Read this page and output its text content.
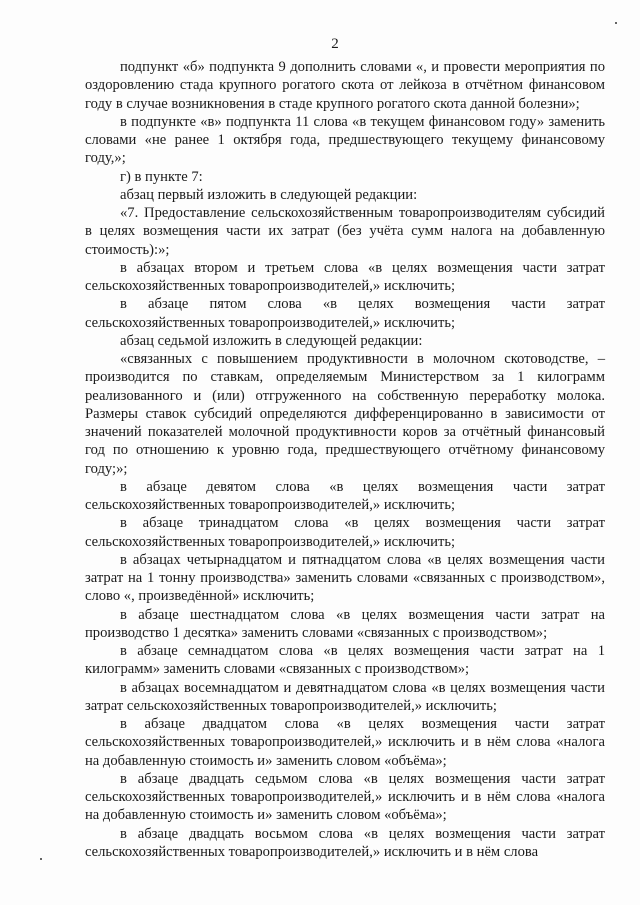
2

подпункт «б» подпункта 9 дополнить словами «, и провести мероприятия по оздоровлению стада крупного рогатого скота от лейкоза в отчётном финансовом году в случае возникновения в стаде крупного рогатого скота данной болезни»;

в подпункте «в» подпункта 11 слова «в текущем финансовом году» заменить словами «не ранее 1 октября года, предшествующего текущему финансовому году,»;

г) в пункте 7:

абзац первый изложить в следующей редакции:

«7. Предоставление сельскохозяйственным товаропроизводителям субсидий в целях возмещения части их затрат (без учёта сумм налога на добавленную стоимость):»;

в абзацах втором и третьем слова «в целях возмещения части затрат сельскохозяйственных товаропроизводителей,» исключить;

в абзаце пятом слова «в целях возмещения части затрат сельскохозяйственных товаропроизводителей,» исключить;

абзац седьмой изложить в следующей редакции:

«связанных с повышением продуктивности в молочном скотоводстве, – производится по ставкам, определяемым Министерством за 1 килограмм реализованного и (или) отгруженного на собственную переработку молока. Размеры ставок субсидий определяются дифференцированно в зависимости от значений показателей молочной продуктивности коров за отчётный финансовый год по отношению к уровню года, предшествующего отчётному финансовому году;»;

в абзаце девятом слова «в целях возмещения части затрат сельскохозяйственных товаропроизводителей,» исключить;

в абзаце тринадцатом слова «в целях возмещения части затрат сельскохозяйственных товаропроизводителей,» исключить;

в абзацах четырнадцатом и пятнадцатом слова «в целях возмещения части затрат на 1 тонну производства» заменить словами «связанных с производством», слово «, произведённой» исключить;

в абзаце шестнадцатом слова «в целях возмещения части затрат на производство 1 десятка» заменить словами «связанных с производством»;

в абзаце семнадцатом слова «в целях возмещения части затрат на 1 килограмм» заменить словами «связанных с производством»;

в абзацах восемнадцатом и девятнадцатом слова «в целях возмещения части затрат сельскохозяйственных товаропроизводителей,» исключить;

в абзаце двадцатом слова «в целях возмещения части затрат сельскохозяйственных товаропроизводителей,» исключить и в нём слова «налога на добавленную стоимость и» заменить словом «объёма»;

в абзаце двадцать седьмом слова «в целях возмещения части затрат сельскохозяйственных товаропроизводителей,» исключить и в нём слова «налога на добавленную стоимость и» заменить словом «объёма»;

в абзаце двадцать восьмом слова «в целях возмещения части затрат сельскохозяйственных товаропроизводителей,» исключить и в нём слова
